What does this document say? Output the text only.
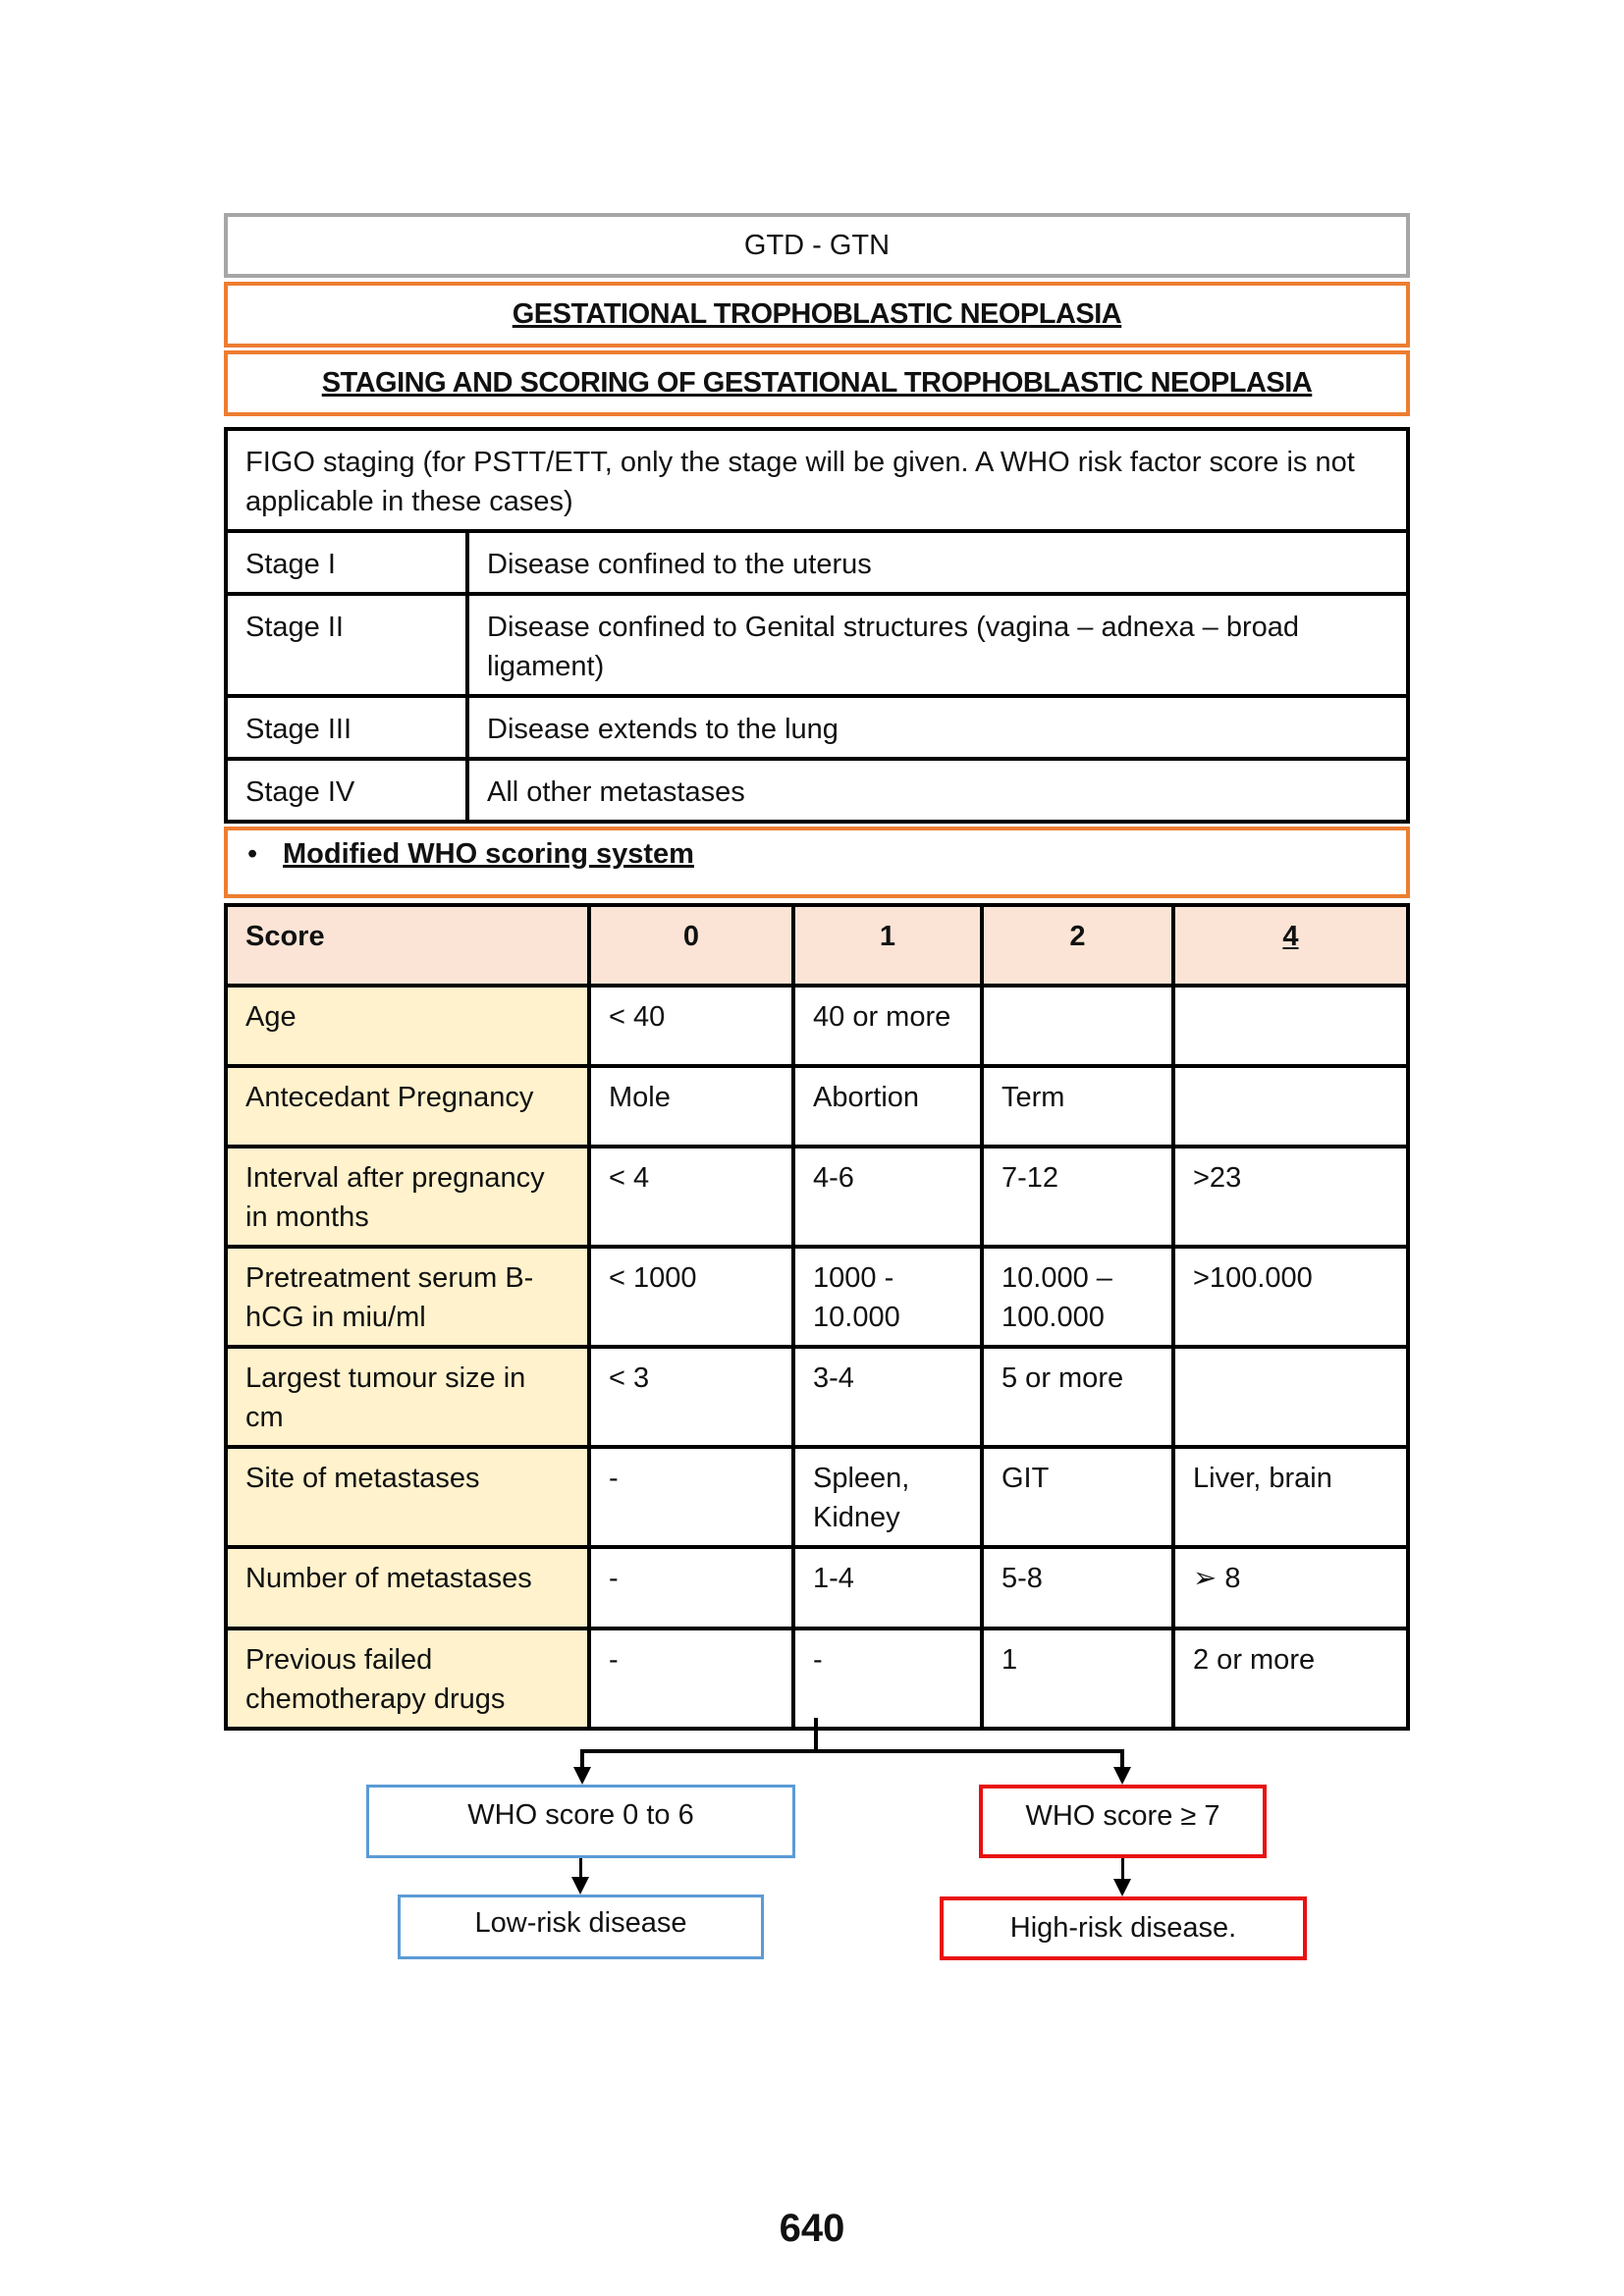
GTD - GTN
GESTATIONAL TROPHOBLASTIC NEOPLASIA
STAGING AND SCORING OF GESTATIONAL TROPHOBLASTIC NEOPLASIA
FIGO staging (for PSTT/ETT, only the stage will be given. A WHO risk factor score is not applicable in these cases)	
Stage I	Disease confined to the uterus
Stage II	Disease confined to Genital structures (vagina – adnexa – broad ligament)
Stage III	Disease extends to the lung
Stage IV	All other metastases
• Modified WHO scoring system
Score	0	1	2	4
Age	< 40	40 or more		
Antecedant Pregnancy	Mole	Abortion	Term	
Interval after pregnancy in months	< 4	4-6	7-12	>23
Pretreatment serum B-hCG in miu/ml	< 1000	1000 - 10.000	10.000 – 100.000	>100.000
Largest tumour size in cm	< 3	3-4	5 or more	
Site of metastases	-	Spleen, Kidney	GIT	Liver, brain
Number of metastases	-	1-4	5-8	➢ 8
Previous failed chemotherapy drugs	-	-	1	2 or more
WHO score 0 to 6
Low-risk disease
WHO score ≥ 7
High-risk disease.
640
